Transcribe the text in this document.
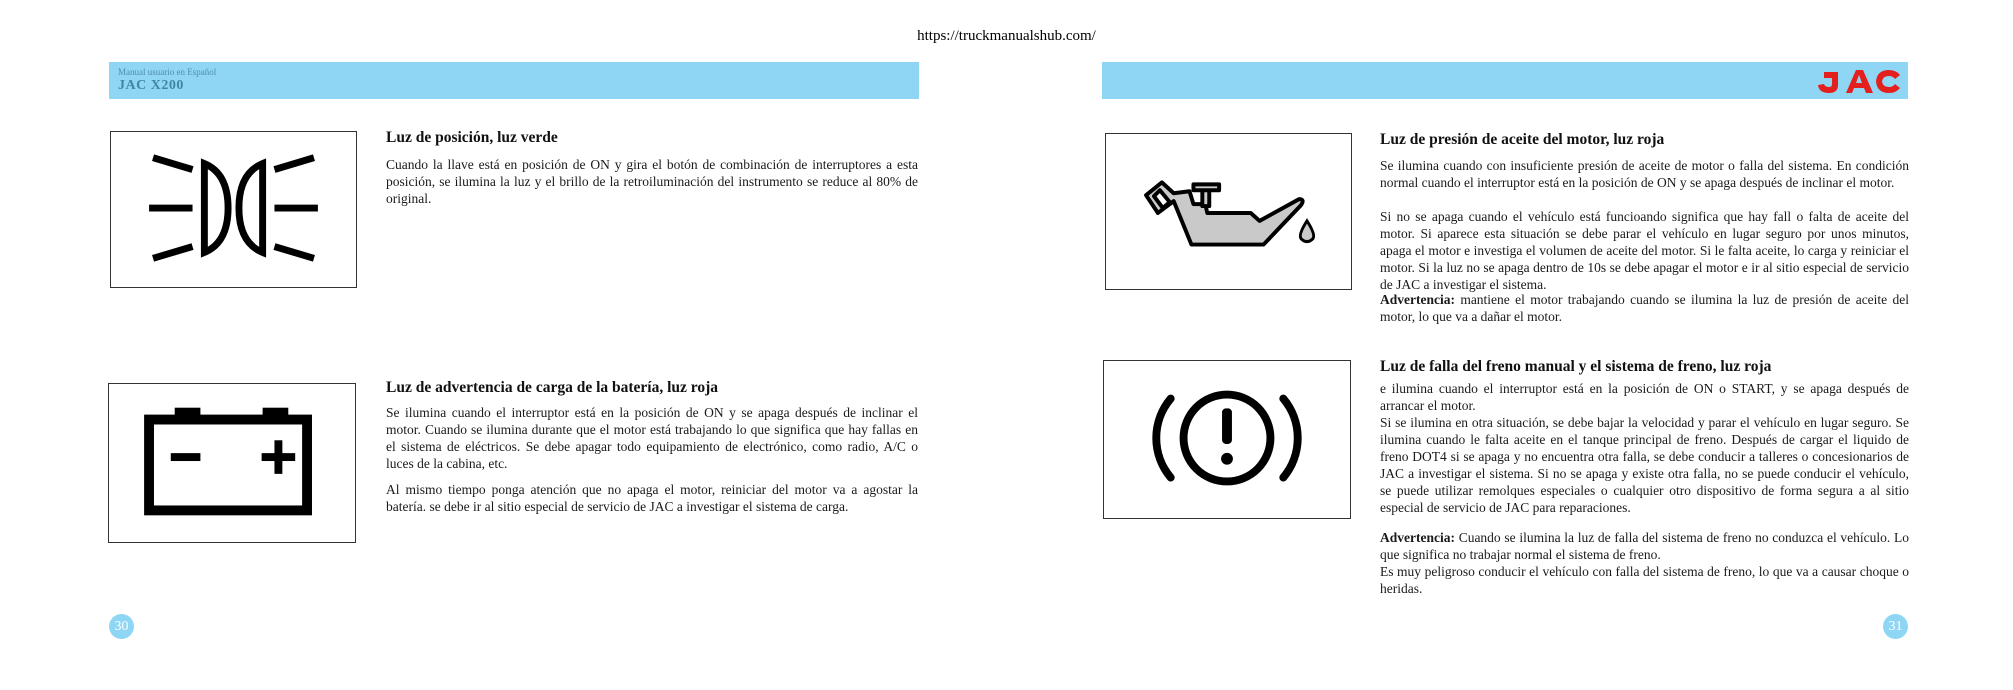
https://truckmanualshub.com/
Manual usuario en Español
JAC X200
Luz de posición, luz verde

Cuando la llave está en posición de ON y gira el botón de combinación de interruptores a esta posición, se ilumina la luz y el brillo de la retroiluminación del instrumento se reduce al 80% de original.

Luz de advertencia de carga de la batería, luz roja

Se ilumina cuando el interruptor está en la posición de ON y se apaga después de inclinar el motor. Cuando se ilumina durante que el motor está trabajando lo que significa que hay fallas en el sistema de eléctricos. Se debe apagar todo equipamiento de electrónico, como radio, A/C o luces de la cabina, etc.

Al mismo tiempo ponga atención que no apaga el motor, reiniciar del motor va a agostar la batería. se debe ir al sitio especial de servicio de JAC a investigar el sistema de carga.

30
Luz de presión de aceite del motor, luz roja

Se ilumina cuando con insuficiente presión de aceite de motor o falla del sistema. En condición normal cuando el interruptor está en la posición de ON y se apaga después de inclinar el motor.

Si no se apaga cuando el vehículo está funcioando significa que hay fall o falta de aceite del motor. Si aparece esta situación se debe parar el vehículo en lugar seguro por unos minutos, apaga el motor e investiga el volumen de aceite del motor. Si le falta aceite, lo carga y reiniciar el motor. Si la luz no se apaga dentro de 10s se debe apagar el motor e ir al sitio especial de servicio de JAC a investigar el sistema.

Advertencia: mantiene el motor trabajando cuando se ilumina la luz de presión de aceite del motor, lo que va a dañar el motor.

Luz de falla del freno manual y el sistema de freno, luz roja

e ilumina cuando el interruptor está en la posición de ON o START, y se apaga después de arrancar el motor.

Si se ilumina en otra situación, se debe bajar la velocidad y parar el vehículo en lugar seguro. Se ilumina cuando le falta aceite en el tanque principal de freno. Después de cargar el liquido de freno DOT4 si se apaga y no encuentra otra falla, se debe conducir a talleres o concesionarios de JAC a investigar el sistema. Si no se apaga y existe otra falla, no se puede conducir el vehículo, se puede utilizar remolques especiales o cualquier otro dispositivo de forma segura a al sitio especial de servicio de JAC para reparaciones.

Advertencia: Cuando se ilumina la luz de falla del sistema de freno no conduzca el vehículo. Lo que significa no trabajar normal el sistema de freno.

Es muy peligroso conducir el vehículo con falla del sistema de freno, lo que va a causar choque o heridas.

31
